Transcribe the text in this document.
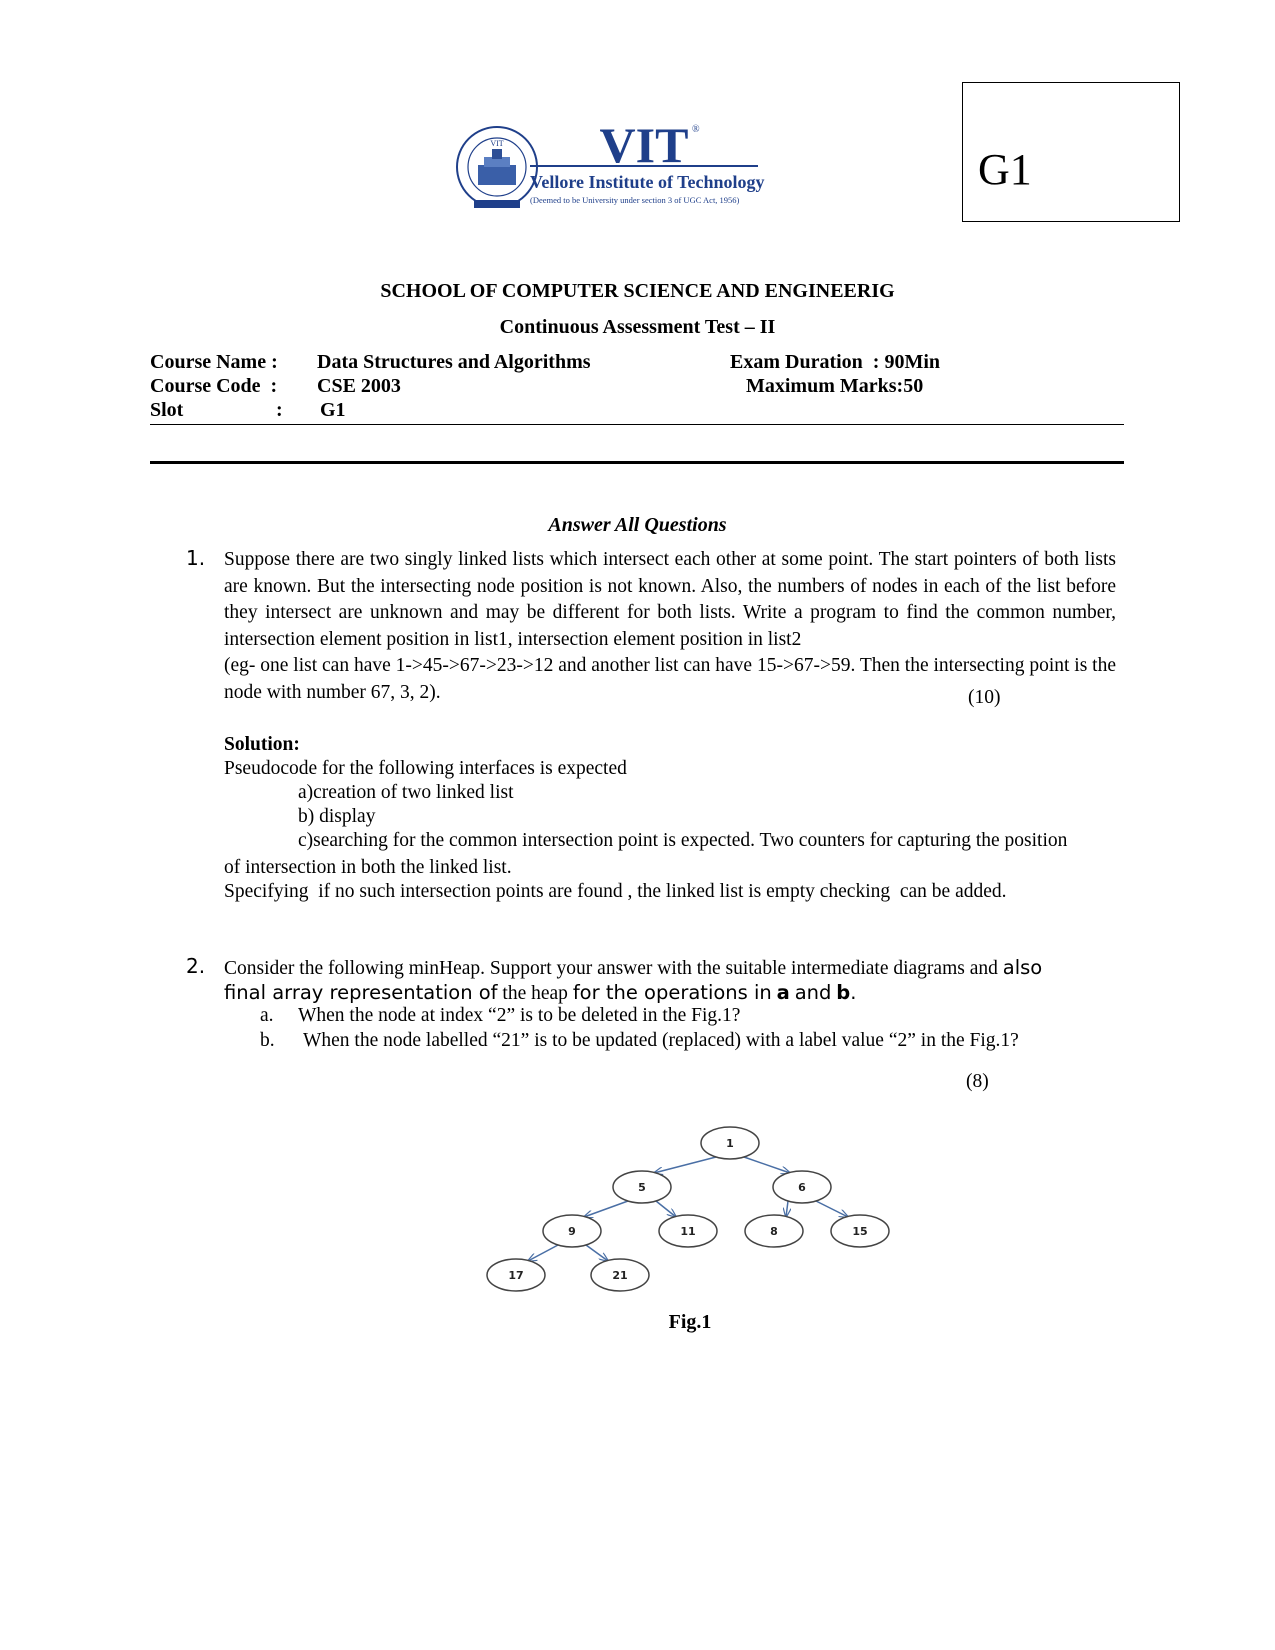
VIT VIT ®
Vellore Institute of Technology
(Deemed to be University under section 3 of UGC Act, 1956)
G1
SCHOOL OF COMPUTER SCIENCE AND ENGINEERIG
Continuous Assessment Test – II
Course Name : Data Structures and Algorithms
Course Code  : CSE 2003
Slot	: G1
Exam Duration  : 90Min
Maximum Marks:50
Answer All Questions
1. Suppose there are two singly linked lists which intersect each other at some point. The start pointers of both lists are known. But the intersecting node position is not known. Also, the numbers of nodes in each of the list before they intersect are unknown and may be different for both lists. Write a program to find the common number, intersection element position in list1, intersection element position in list2
(eg- one list can have 1->45->67->23->12 and another list can have 15->67->59. Then the intersecting point is the node with number 67, 3, 2).	(10)
Solution:
Pseudocode for the following interfaces is expected
a)creation of two linked list
b) display
c)searching for the common intersection point is expected. Two counters for capturing the position
of intersection in both the linked list.
Specifying  if no such intersection points are found , the linked list is empty checking  can be added.
2. Consider the following minHeap. Support your answer with the suitable intermediate diagrams and also
final array representation of the heap for the operations in a and b.
a. When the node at index “2” is to be deleted in the Fig.1?
b. When the node labelled “21” is to be updated (replaced) with a label value “2” in the Fig.1?
(8)
1
5	6
9	11	8	15
17	21
Fig.1
